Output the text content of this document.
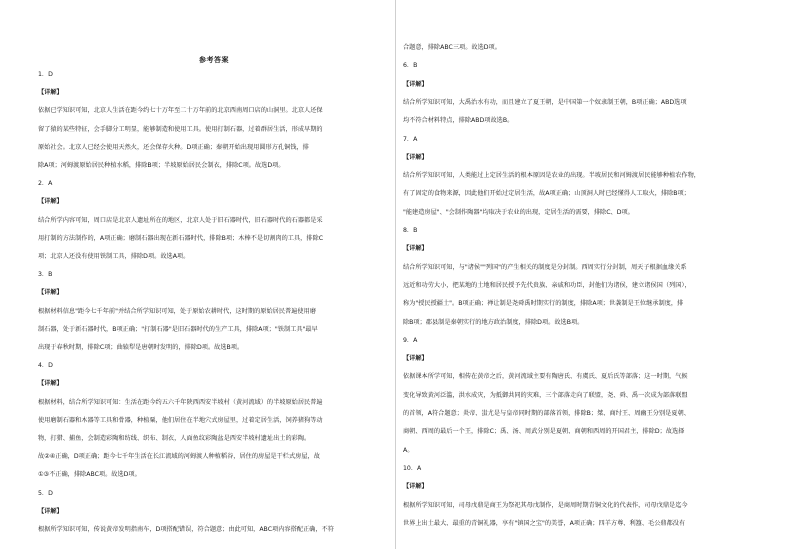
参考答案
1．D
【详解】
依据已学知识可知，北京人生活在距今约七十万年至二十万年前的北京西南周口店的山洞里。北京人还保
留了猿的某些特征，会手脚分工明显，能够制造和使用工具。使用打制石器，过着群居生活，形成早期的
原始社会。北京人已经会使用天然火，还会保存火种。D项正确；秦朝开始出现用圆形方孔铜钱，排
除A项；河姆渡原始居民种植水稻，排除B项；半坡原始居民会制衣，排除C项。故选D项。
2．A
【详解】
结合所学内容可知，周口店是北京人遗址所在的地区，北京人处于旧石器时代，旧石器时代的石器都是采
用打制的方法制作的，A项正确；磨制石器出现在新石器时代，排除B项；木棒不是切割肉的工具，排除C
项；北京人还没有使用铁制工具，排除D项。故选A项。
3．B
【详解】
根据材料信息"距今七千年前"并结合所学知识可知，处于原始农耕时代，这时期的原始居民普遍使用磨
制石器，处于新石器时代，B项正确；"打制石器"是旧石器时代的生产工具，排除A项；"铁制工具"最早
出现于春秋时期，排除C项；曲辕犁是唐朝时发明的，排除D项。故选B项。
4．D
【详解】
根据材料，结合所学知识可知：生活在距今约五六千年陕西西安半坡村（黄河流域）的半坡原始居民普遍
使用磨制石器和木器等工具和骨器，种植粟，他们居住在半地穴式房屋里，过着定居生活，饲养猪狗等动
物，打猎、捕鱼，会制造彩陶和纺线、织布、制衣，人面鱼纹彩陶盆是西安半坡村遗址出土的彩陶。
故②④正确，D项正确；距今七千年生活在长江流域的河姆渡人种植稻谷，居住的房屋是干栏式房屋，故
①③不正确，排除ABC项。故选D项。
5．D
【详解】
根据所学知识可知，传说黄帝发明指南车，D项搭配错误，符合题意；由此可知，ABC项内容搭配正确，不符
合题意，排除ABC三项。故选D项。
6．B
【详解】
结合所学知识可知，大禹治水有功，而且建立了夏王朝，是中国第一个奴隶制王朝，B项正确；ABD选项
均不符合材料特点，排除ABD项故选B。
7．A
【详解】
结合所学知识可知，人类能过上定居生活的根本原因是农业的出现。半坡居民和河姆渡居民能够种植农作物，
有了固定的食物来源，因此他们开始过定居生活，故A项正确；山顶洞人时已经懂得人工取火，排除B项；
"能建造房屋"、"会制作陶器"均取决于农业的出现，定居生活的需要，排除C、D项。
8．B
【详解】
结合所学知识可知，与"诸侯""列国"的产生相关的制度是分封制。西周实行分封制，周天子根据血缘关系
远近和功劳大小，把某地的土地和居民授予先代贵族、亲戚和功臣，封他们为诸侯，建立诸侯国（列国），
称为"授民授疆土"。B项正确；禅让制是尧舜禹时期实行的制度，排除A项；世袭制是王位继承制度，排
除B项；郡县制是秦朝实行的地方政治制度，排除D项。故选B项。
9．A
【详解】
依据课本所学可知，相传在黄帝之后，黄河流域主要有陶唐氏、有虞氏、夏后氏等部落；这一时期，气候
变化导致黄河泛滥，洪水成灾，为抵御共同的灾难，三个部落走向了联盟，尧、舜、禹一次成为部落联盟
的首领，A符合题意；炎帝、蚩尤是与皇帝同时期的部落首领，排除B；桀、商纣王、周幽王分别是夏朝、
商朝、西周的最后一个王，排除C；禹、汤、周武分别是夏朝、商朝和西周的开国君主，排除D；故选择
A。
10．A
【详解】
根据所学知识可知，司母戊鼎是商王为祭祀其母戊制作，是商周时期青铜文化的代表作，司母戊鼎是迄今
世界上出土最大、最重的青铜礼器，享有"镇国之宝"的美誉，A项正确；四羊方尊、利簋、毛公鼎都没有
